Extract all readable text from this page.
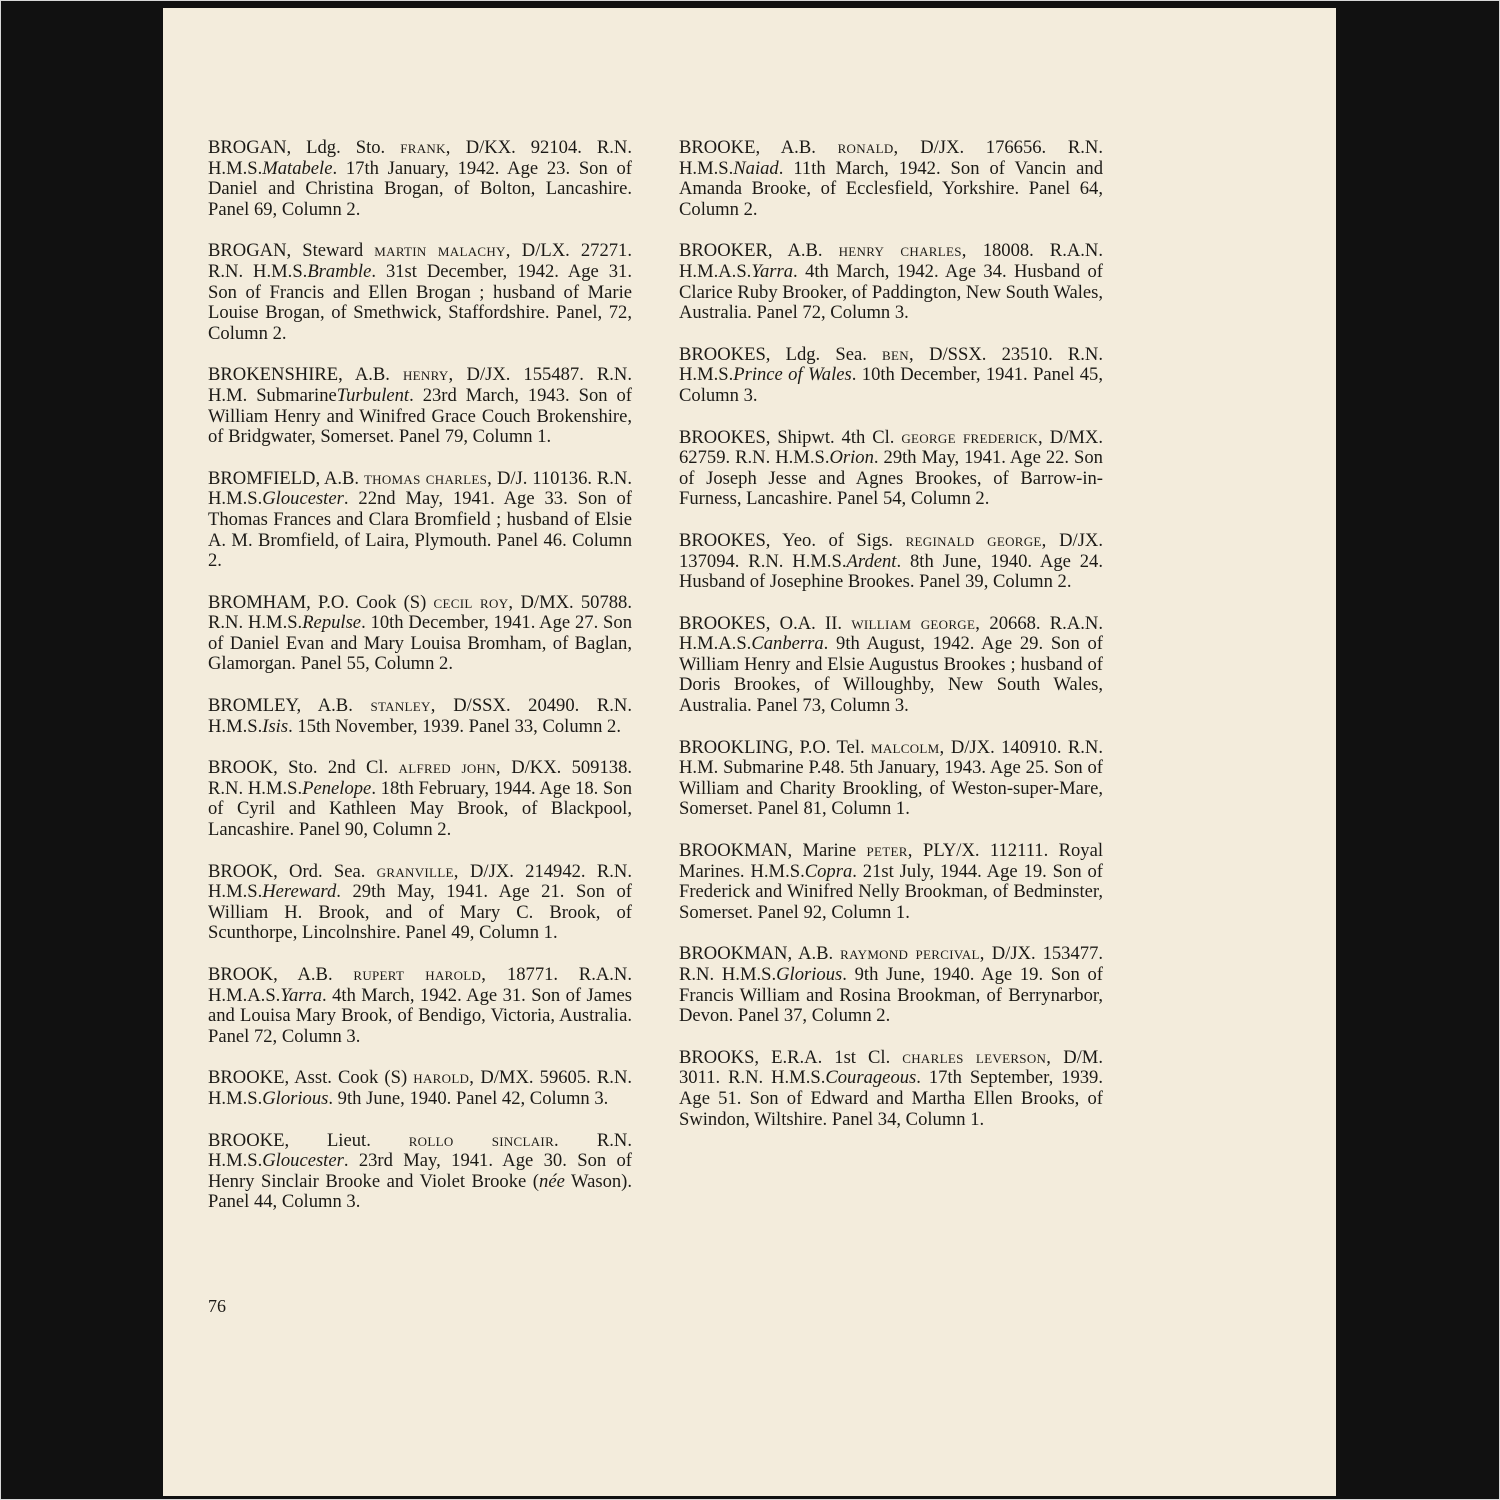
BROGAN, Ldg. Sto. frank, D/KX. 92104. R.N. H.M.S.Matabele. 17th January, 1942. Age 23. Son of Daniel and Christina Brogan, of Bolton, Lancashire. Panel 69, Column 2.

BROGAN, Steward martin malachy, D/LX. 27271. R.N. H.M.S.Bramble. 31st December, 1942. Age 31. Son of Francis and Ellen Brogan ; husband of Marie Louise Brogan, of Smethwick, Staffordshire. Panel, 72, Column 2.

BROKENSHIRE, A.B. henry, D/JX. 155487. R.N. H.M. SubmarineTurbulent. 23rd March, 1943. Son of William Henry and Winifred Grace Couch Brokenshire, of Bridgwater, Somerset. Panel 79, Column 1.

BROMFIELD, A.B. thomas charles, D/J. 110136. R.N. H.M.S.Gloucester. 22nd May, 1941. Age 33. Son of Thomas Frances and Clara Bromfield ; husband of Elsie A. M. Bromfield, of Laira, Plymouth. Panel 46. Column 2.

BROMHAM, P.O. Cook (S) cecil roy, D/MX. 50788. R.N. H.M.S.Repulse. 10th December, 1941. Age 27. Son of Daniel Evan and Mary Louisa Bromham, of Baglan, Glamorgan. Panel 55, Column 2.

BROMLEY, A.B. stanley, D/SSX. 20490. R.N. H.M.S.Isis. 15th November, 1939. Panel 33, Column 2.

BROOK, Sto. 2nd Cl. alfred john, D/KX. 509138. R.N. H.M.S.Penelope. 18th February, 1944. Age 18. Son of Cyril and Kathleen May Brook, of Blackpool, Lancashire. Panel 90, Column 2.

BROOK, Ord. Sea. granville, D/JX. 214942. R.N. H.M.S.Hereward. 29th May, 1941. Age 21. Son of William H. Brook, and of Mary C. Brook, of Scunthorpe, Lincolnshire. Panel 49, Column 1.

BROOK, A.B. rupert harold, 18771. R.A.N. H.M.A.S.Yarra. 4th March, 1942. Age 31. Son of James and Louisa Mary Brook, of Bendigo, Victoria, Australia. Panel 72, Column 3.

BROOKE, Asst. Cook (S) harold, D/MX. 59605. R.N. H.M.S.Glorious. 9th June, 1940. Panel 42, Column 3.

BROOKE, Lieut. rollo sinclair. R.N. H.M.S.Gloucester. 23rd May, 1941. Age 30. Son of Henry Sinclair Brooke and Violet Brooke (née Wason). Panel 44, Column 3.

BROOKE, A.B. ronald, D/JX. 176656. R.N. H.M.S.Naiad. 11th March, 1942. Son of Vancin and Amanda Brooke, of Ecclesfield, Yorkshire. Panel 64, Column 2.

BROOKER, A.B. henry charles, 18008. R.A.N. H.M.A.S.Yarra. 4th March, 1942. Age 34. Husband of Clarice Ruby Brooker, of Paddington, New South Wales, Australia. Panel 72, Column 3.

BROOKES, Ldg. Sea. ben, D/SSX. 23510. R.N. H.M.S.Prince of Wales. 10th December, 1941. Panel 45, Column 3.

BROOKES, Shipwt. 4th Cl. george frederick, D/MX. 62759. R.N. H.M.S.Orion. 29th May, 1941. Age 22. Son of Joseph Jesse and Agnes Brookes, of Barrow-in-Furness, Lancashire. Panel 54, Column 2.

BROOKES, Yeo. of Sigs. reginald george, D/JX. 137094. R.N. H.M.S.Ardent. 8th June, 1940. Age 24. Husband of Josephine Brookes. Panel 39, Column 2.

BROOKES, O.A. II. william george, 20668. R.A.N. H.M.A.S.Canberra. 9th August, 1942. Age 29. Son of William Henry and Elsie Augustus Brookes ; husband of Doris Brookes, of Willoughby, New South Wales, Australia. Panel 73, Column 3.

BROOKLING, P.O. Tel. malcolm, D/JX. 140910. R.N. H.M. Submarine P.48. 5th January, 1943. Age 25. Son of William and Charity Brookling, of Weston-super-Mare, Somerset. Panel 81, Column 1.

BROOKMAN, Marine peter, PLY/X. 112111. Royal Marines. H.M.S.Copra. 21st July, 1944. Age 19. Son of Frederick and Winifred Nelly Brookman, of Bedminster, Somerset. Panel 92, Column 1.

BROOKMAN, A.B. raymond percival, D/JX. 153477. R.N. H.M.S.Glorious. 9th June, 1940. Age 19. Son of Francis William and Rosina Brookman, of Berrynarbor, Devon. Panel 37, Column 2.

BROOKS, E.R.A. 1st Cl. charles leverson, D/M. 3011. R.N. H.M.S.Courageous. 17th September, 1939. Age 51. Son of Edward and Martha Ellen Brooks, of Swindon, Wiltshire. Panel 34, Column 1.

76
